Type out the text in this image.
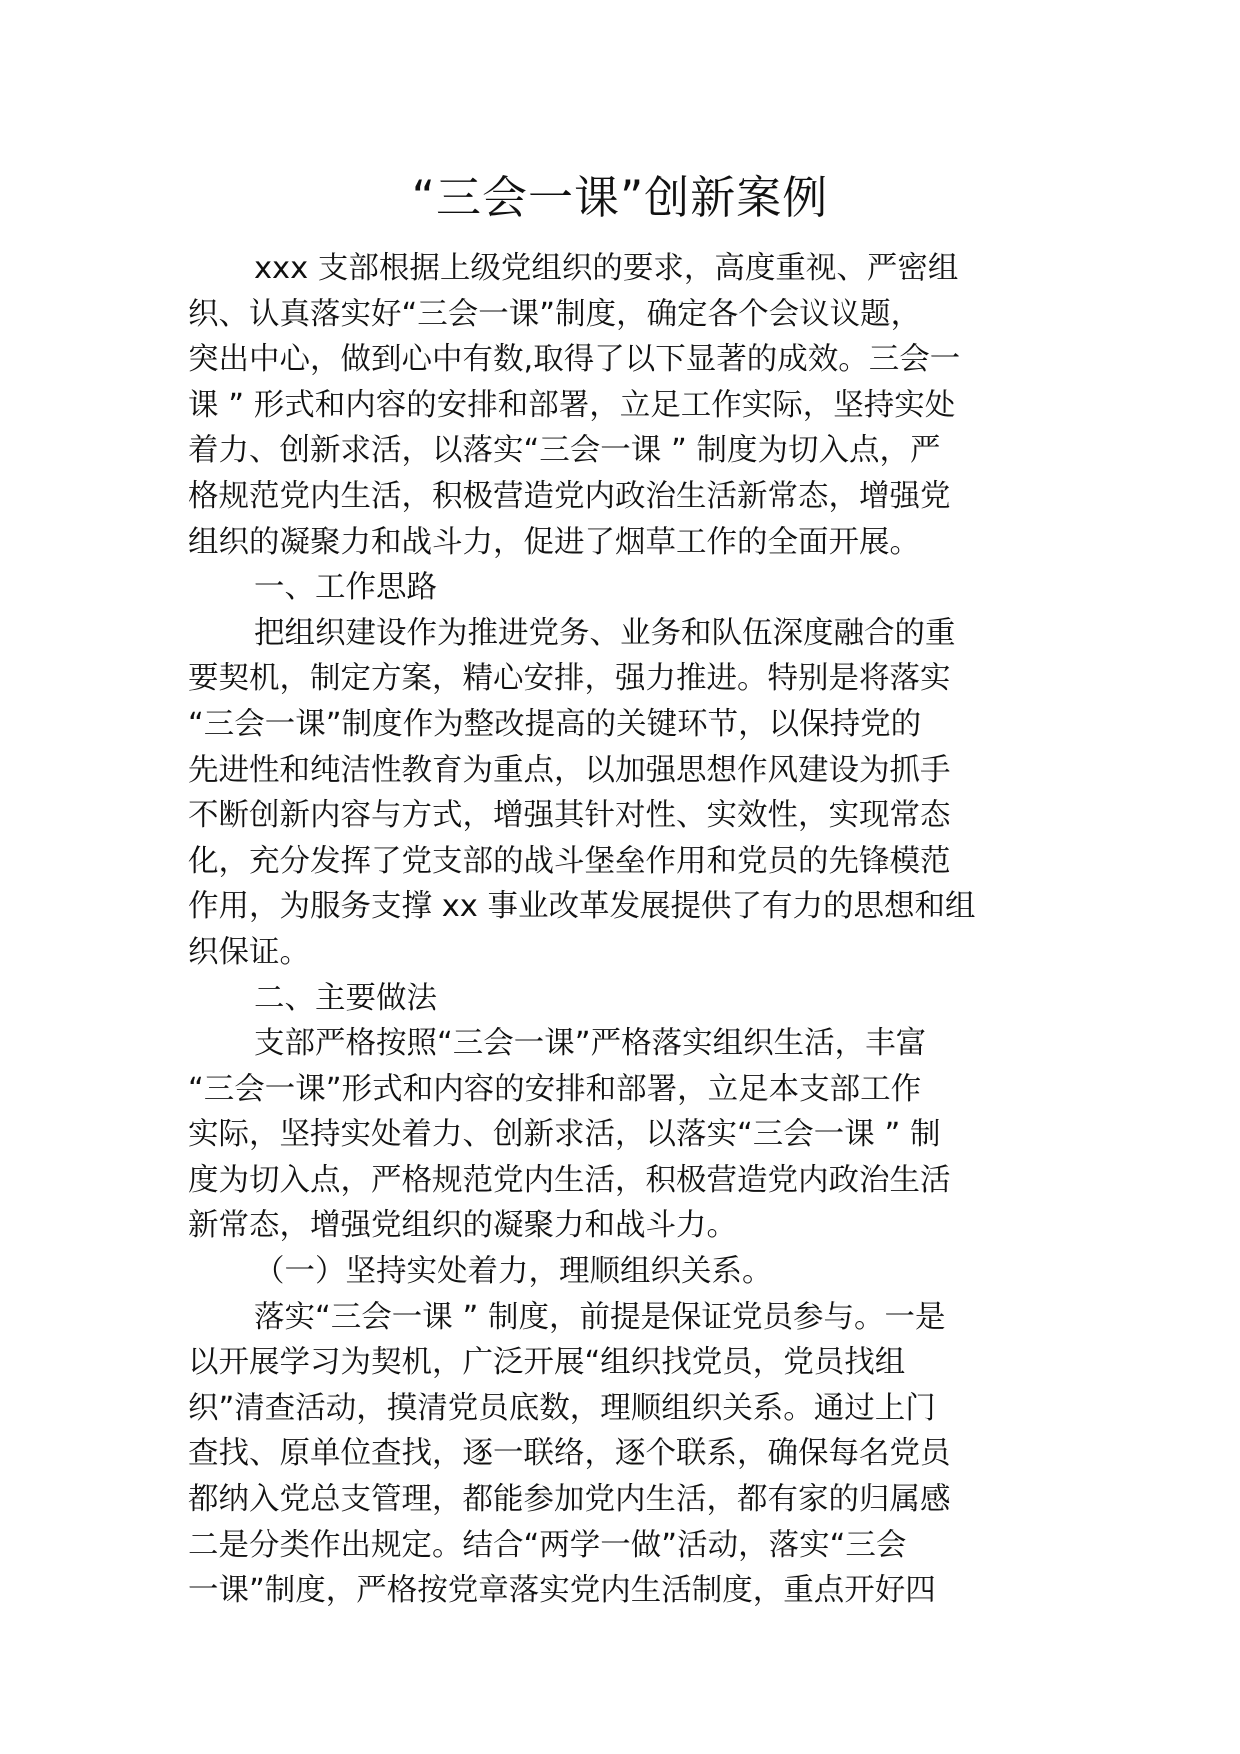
“三会一课”创新案例
xxx 支部根据上级党组织的要求，高度重视、严密组
织、认真落实好“三会一课”制度，确定各个会议议题，
突出中心，做到心中有数,取得了以下显著的成效。三会一
课 ” 形式和内容的安排和部署，立足工作实际，坚持实处
着力、创新求活，以落实“三会一课 ” 制度为切入点，严
格规范党内生活，积极营造党内政治生活新常态，增强党
组织的凝聚力和战斗力，促进了烟草工作的全面开展。
一、工作思路
把组织建设作为推进党务、业务和队伍深度融合的重
要契机，制定方案，精心安排，强力推进。特别是将落实
“三会一课”制度作为整改提高的关键环节，以保持党的
先进性和纯洁性教育为重点，以加强思想作风建设为抓手
不断创新内容与方式，增强其针对性、实效性，实现常态
化，充分发挥了党支部的战斗堡垒作用和党员的先锋模范
作用，为服务支撑 xx 事业改革发展提供了有力的思想和组
织保证。
二、主要做法
支部严格按照“三会一课”严格落实组织生活，丰富
“三会一课”形式和内容的安排和部署，立足本支部工作
实际，坚持实处着力、创新求活，以落实“三会一课 ” 制
度为切入点，严格规范党内生活，积极营造党内政治生活
新常态，增强党组织的凝聚力和战斗力。
（一）坚持实处着力，理顺组织关系。
落实“三会一课 ” 制度，前提是保证党员参与。一是
以开展学习为契机，广泛开展“组织找党员，党员找组
织”清查活动，摸清党员底数，理顺组织关系。通过上门
查找、原单位查找，逐一联络，逐个联系，确保每名党员
都纳入党总支管理，都能参加党内生活，都有家的归属感
二是分类作出规定。结合“两学一做”活动，落实“三会
一课”制度，严格按党章落实党内生活制度，重点开好四
